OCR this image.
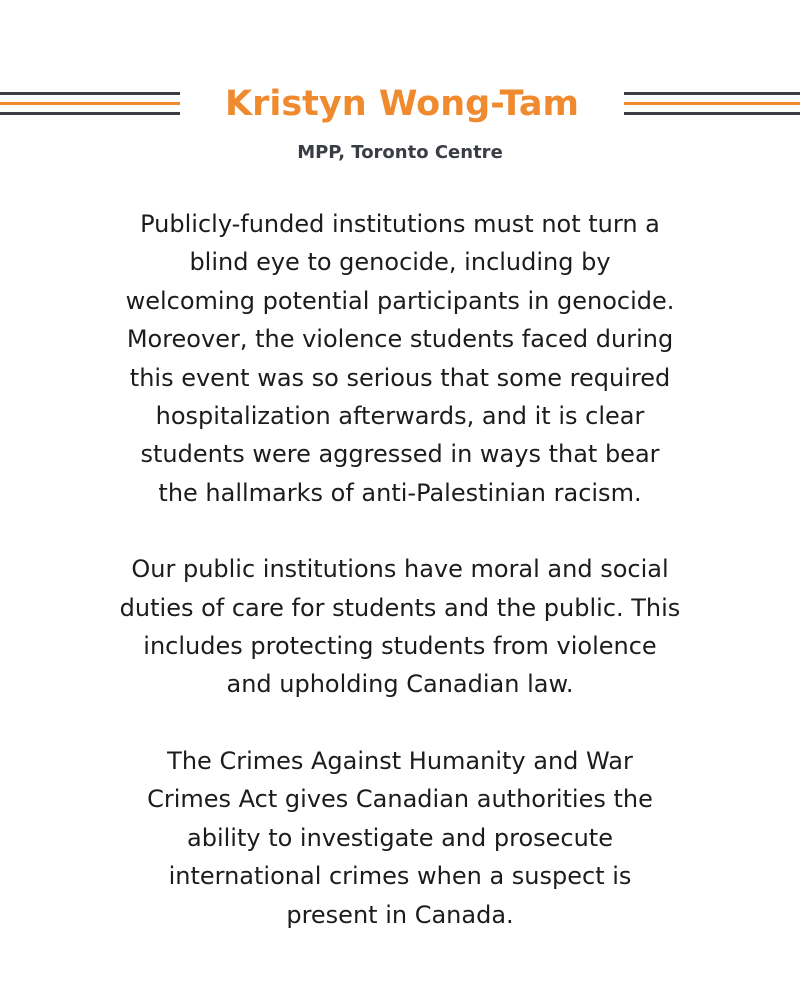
Kristyn Wong-Tam
MPP, Toronto Centre

Publicly-funded institutions must not turn a
blind eye to genocide, including by
welcoming potential participants in genocide.
Moreover, the violence students faced during
this event was so serious that some required
hospitalization afterwards, and it is clear
students were aggressed in ways that bear
the hallmarks of anti-Palestinian racism.

Our public institutions have moral and social
duties of care for students and the public. This
includes protecting students from violence
and upholding Canadian law.

The Crimes Against Humanity and War
Crimes Act gives Canadian authorities the
ability to investigate and prosecute
international crimes when a suspect is
present in Canada.
